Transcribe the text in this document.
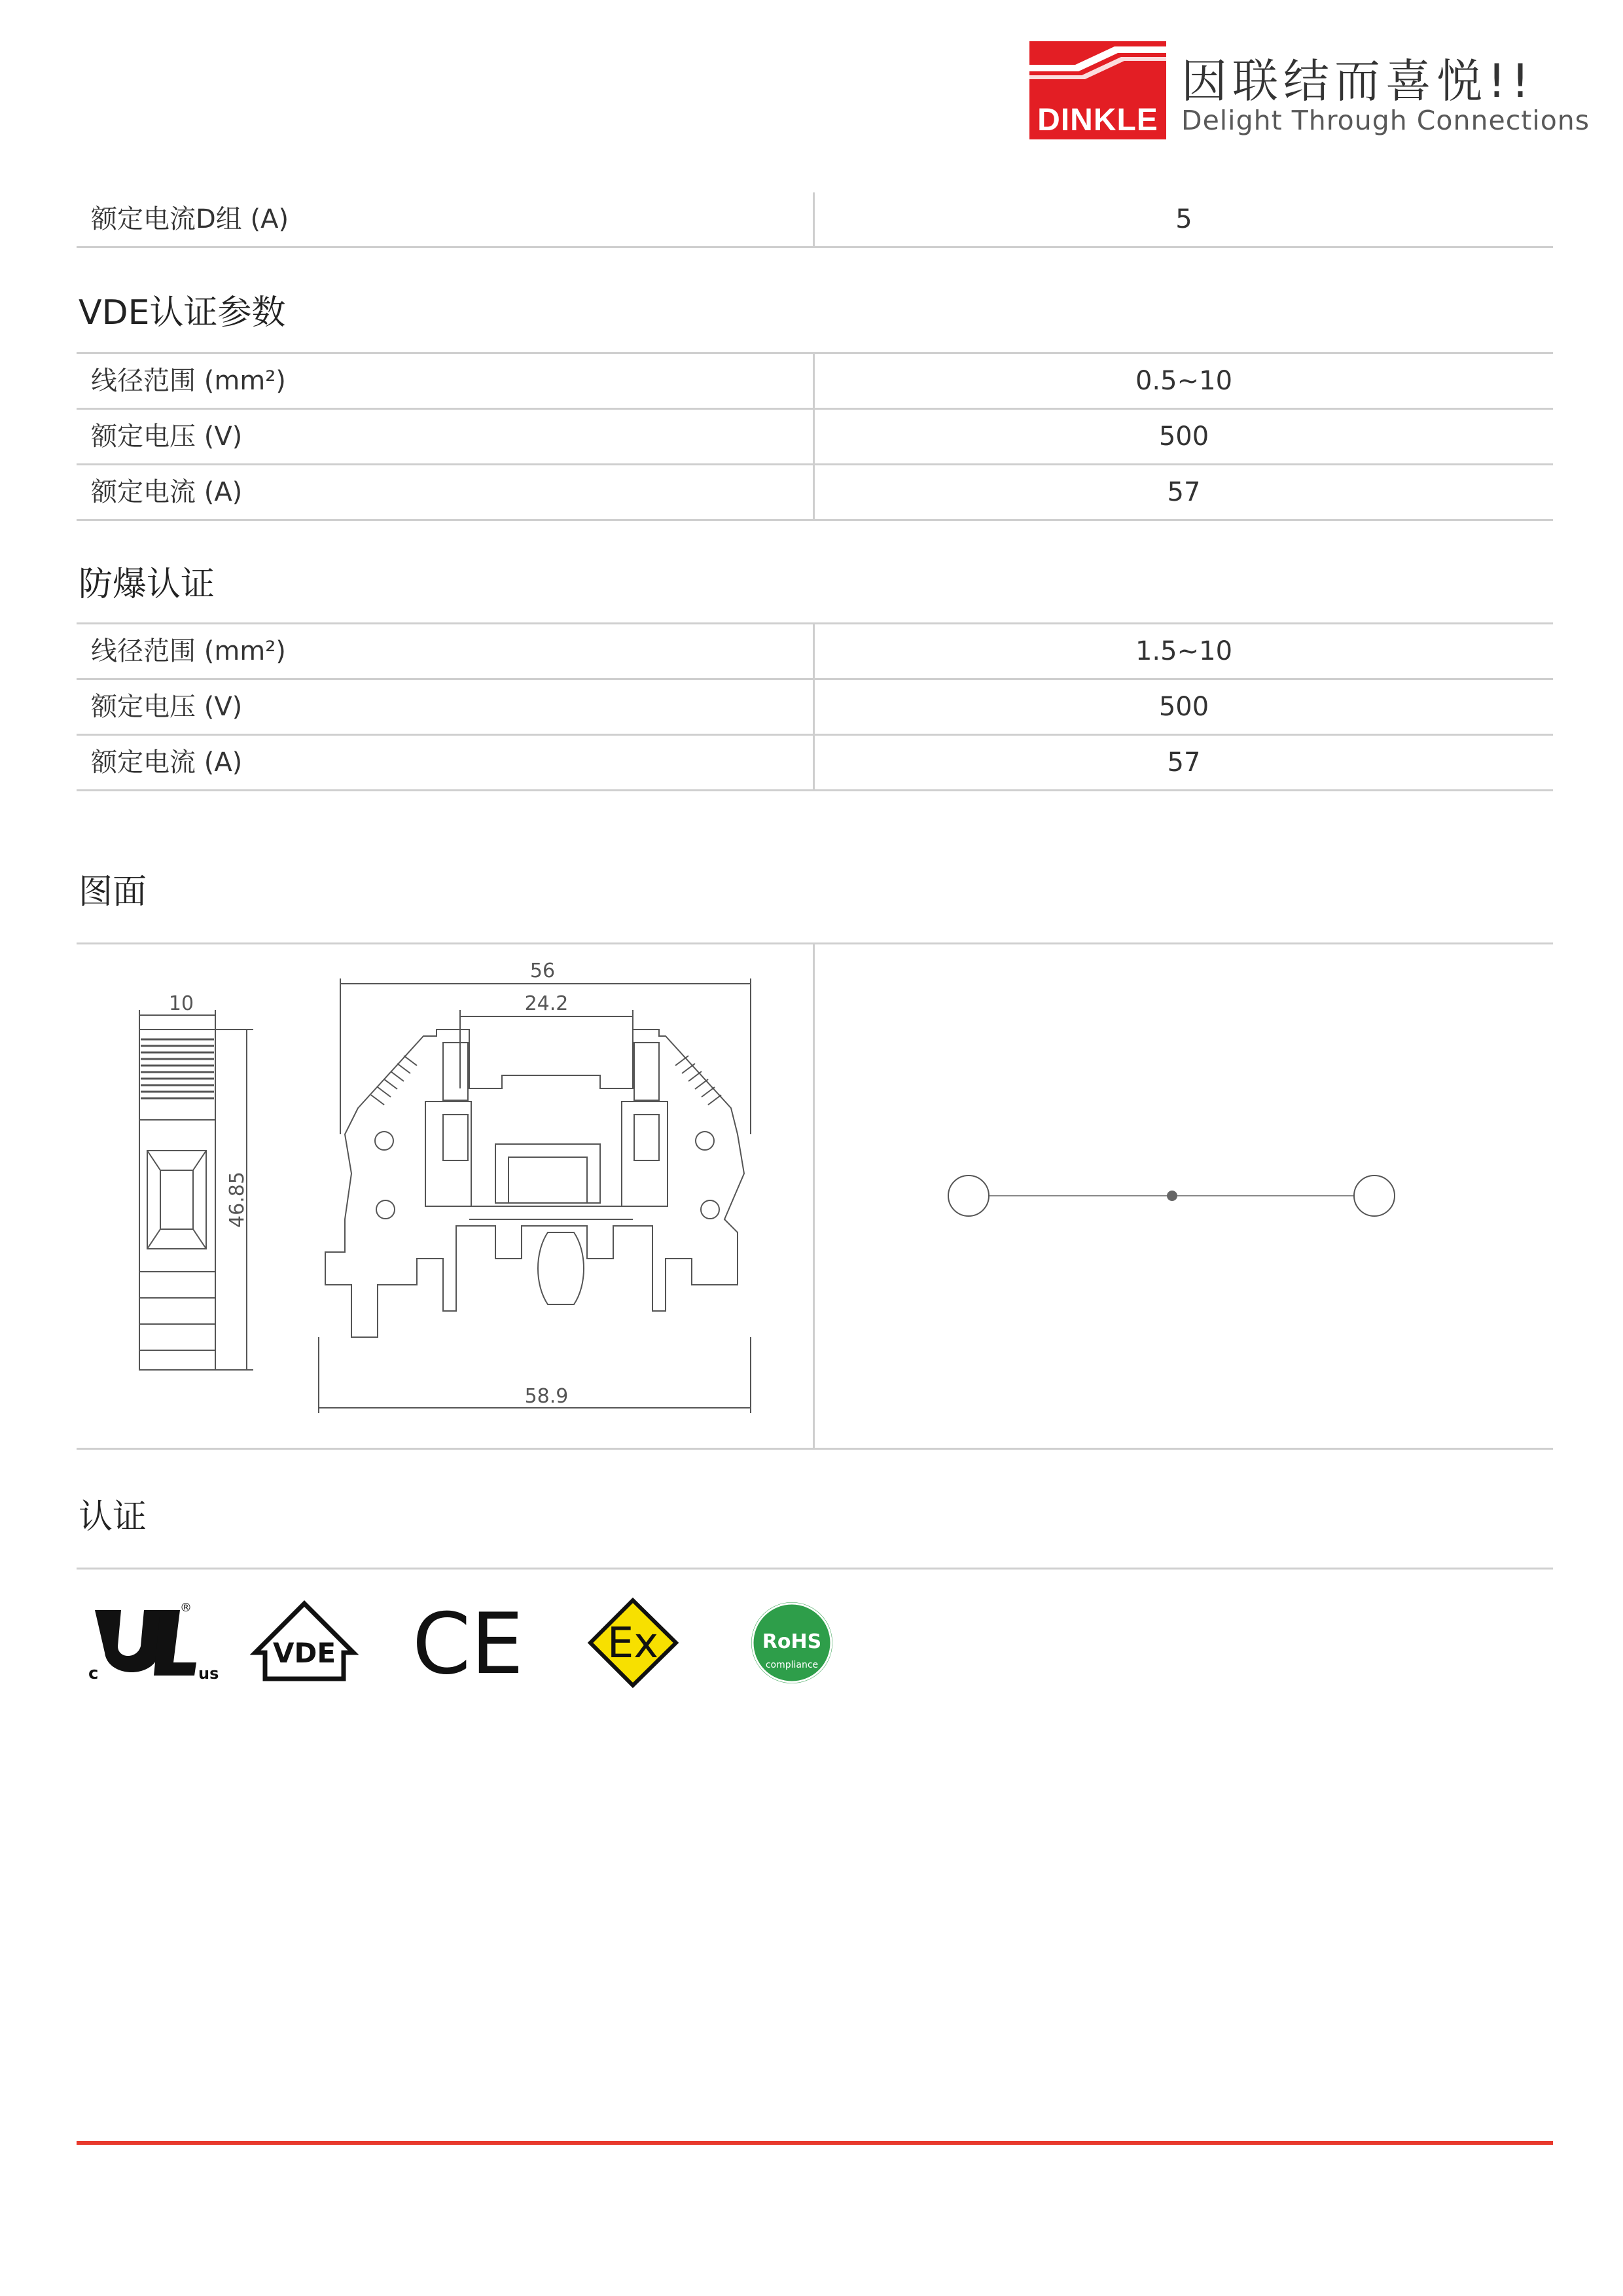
DINKLE
因联结而喜悦!!
Delight Through Connections
额定电流D组 (A)	5
VDE认证参数
线径范围 (mm²)	0.5~10
额定电压 (V)	500
额定电流 (A)	57
防爆认证
线径范围 (mm²)	1.5~10
额定电压 (V)	500
额定电流 (A)	57
图面
10
46.85
56
24.2
58.9
认证
c	us
®
VDE CE Ex	RoHS
compliance
